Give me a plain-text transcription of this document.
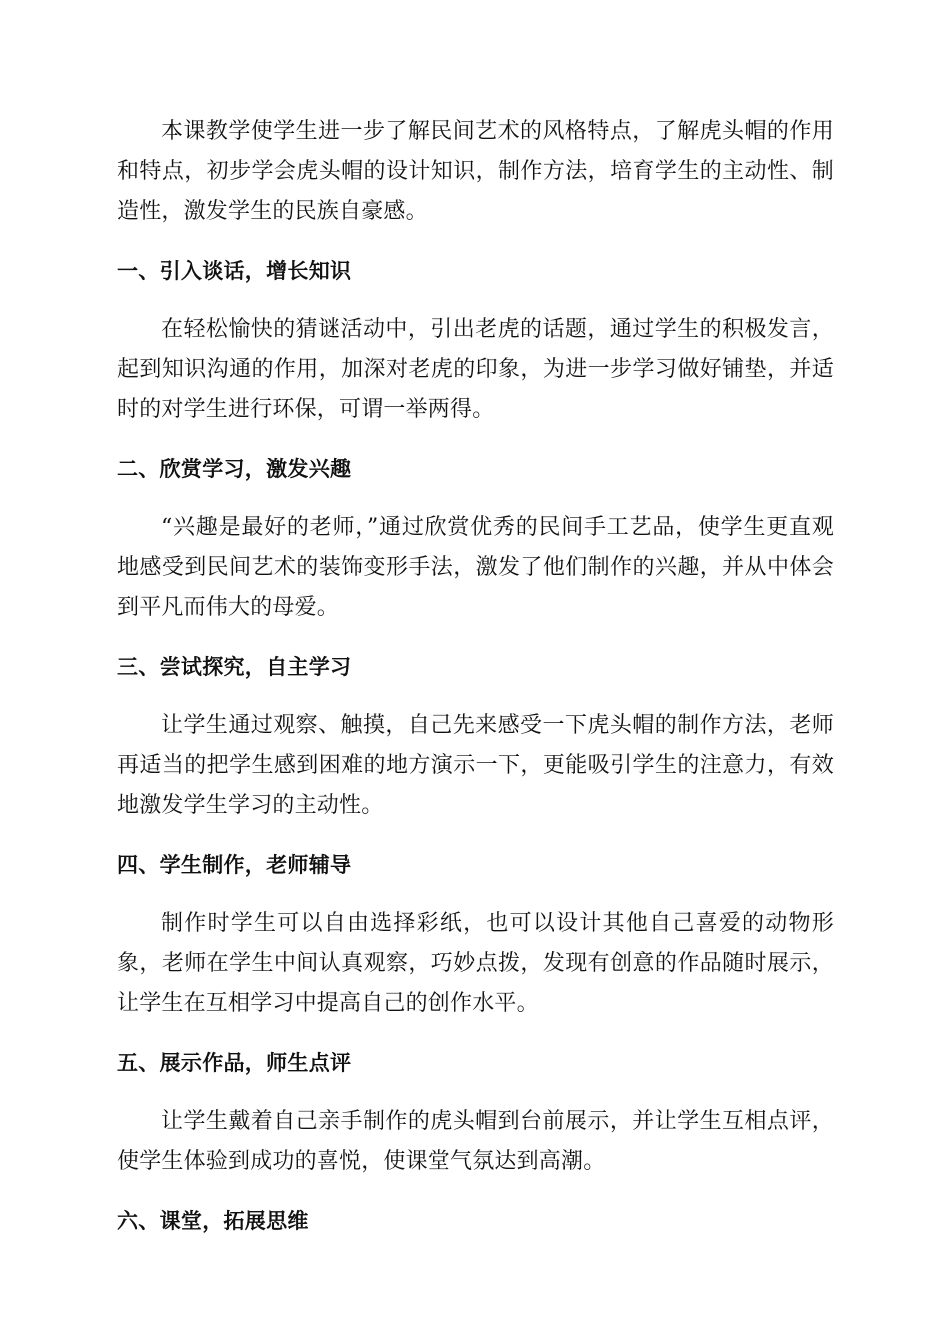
本课教学使学生进一步了解民间艺术的风格特点，了解虎头帽的作用和特点，初步学会虎头帽的设计知识，制作方法，培育学生的主动性、制造性，激发学生的民族自豪感。

一、引入谈话，增长知识

在轻松愉快的猜谜活动中，引出老虎的话题，通过学生的积极发言，起到知识沟通的作用，加深对老虎的印象，为进一步学习做好铺垫，并适时的对学生进行环保，可谓一举两得。

二、欣赏学习，激发兴趣

“兴趣是最好的老师，”通过欣赏优秀的民间手工艺品，使学生更直观地感受到民间艺术的装饰变形手法，激发了他们制作的兴趣，并从中体会到平凡而伟大的母爱。

三、尝试探究，自主学习

让学生通过观察、触摸，自己先来感受一下虎头帽的制作方法，老师再适当的把学生感到困难的地方演示一下，更能吸引学生的注意力，有效地激发学生学习的主动性。

四、学生制作，老师辅导

制作时学生可以自由选择彩纸，也可以设计其他自己喜爱的动物形象，老师在学生中间认真观察，巧妙点拨，发现有创意的作品随时展示，让学生在互相学习中提高自己的创作水平。

五、展示作品，师生点评

让学生戴着自己亲手制作的虎头帽到台前展示，并让学生互相点评，使学生体验到成功的喜悦，使课堂气氛达到高潮。

六、课堂，拓展思维
